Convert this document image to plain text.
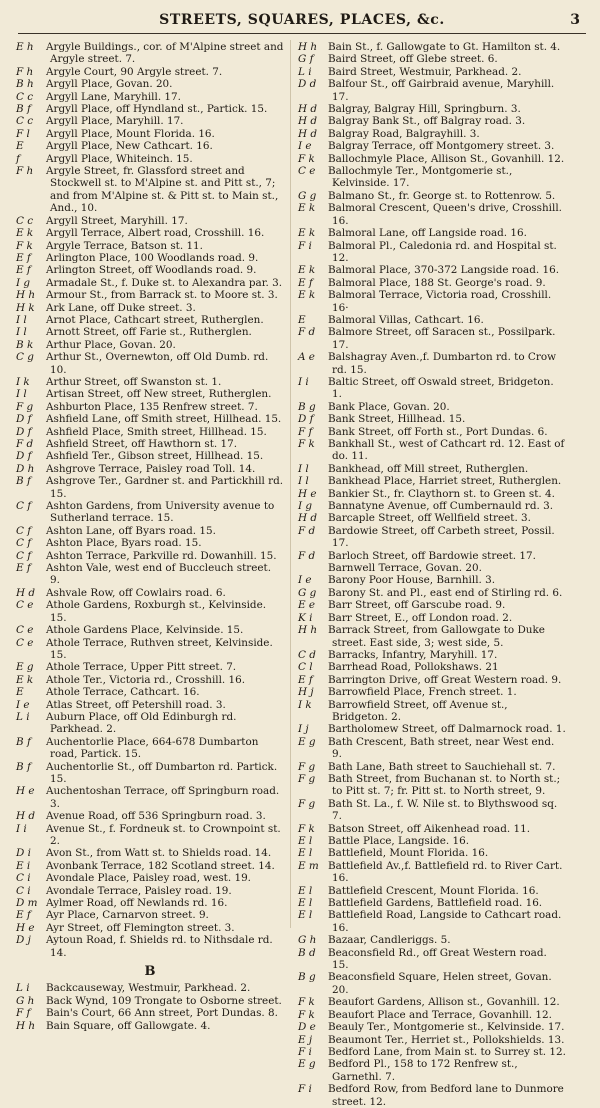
STREETS, SQUARES, PLACES, &c.	3
E h Argyle Buildings., cor. of M'Alpine street and Argyle street. 7.
F h Argyle Court, 90 Argyle street. 7.
B h Argyll Place, Govan. 20.
C c Argyll Lane, Maryhill. 17.
B f Argyll Place, off Hyndland st., Partick. 15.
C c Argyll Place, Maryhill. 17.
F l Argyll Place, Mount Florida. 16.
E Argyll Place, New Cathcart. 16.
f	Argyll Place, Whiteinch. 15.
F h Argyle Street, fr. Glassford street and Stockwell st. to M'Alpine st. and Pitt st., 7; and from M'Alpine st. & Pitt st. to Main st., And., 10.
C c Argyll Street, Maryhill. 17.
E k Argyll Terrace, Albert road, Crosshill. 16.
F k Argyle Terrace, Batson st. 11.
E f Arlington Place, 100 Woodlands road. 9.
E f Arlington Street, off Woodlands road. 9.
I g Armadale St., f. Duke st. to Alexandra par. 3.
H h Armour St., from Barrack st. to Moore st. 3.
H k Ark Lane, off Duke street. 3.
I l Arnot Place, Cathcart street, Rutherglen.
I l Arnott Street, off Farie st., Rutherglen.
B k Arthur Place, Govan. 20.
C g Arthur St., Overnewton, off Old Dumb. rd. 10.
I k Arthur Street, off Swanston st. 1.
I l Artisan Street, off New street, Rutherglen.
F g Ashburton Place, 135 Renfrew street. 7.
D f Ashfield Lane, off Smith street, Hillhead. 15.
D f Ashfield Place, Smith street, Hillhead. 15.
F d Ashfield Street, off Hawthorn st. 17.
D f Ashfield Ter., Gibson street, Hillhead. 15.
D h Ashgrove Terrace, Paisley road Toll. 14.
B f Ashgrove Ter., Gardner st. and Partickhill rd. 15.
C f Ashton Gardens, from University avenue to Sutherland terrace. 15.
C f Ashton Lane, off Byars road. 15.
C f Ashton Place, Byars road. 15.
C f Ashton Terrace, Parkville rd. Dowanhill. 15.
E f Ashton Vale, west end of Buccleuch street. 9.
H d Ashvale Row, off Cowlairs road. 6.
C e Athole Gardens, Roxburgh st., Kelvinside. 15.
C e Athole Gardens Place, Kelvinside. 15.
C e Athole Terrace, Ruthven street, Kelvinside. 15.
E g Athole Terrace, Upper Pitt street. 7.
E k Athole Ter., Victoria rd., Crosshill. 16.
E Athole Terrace, Cathcart. 16.
I e Atlas Street, off Petershill road. 3.
L i Auburn Place, off Old Edinburgh rd. Parkhead. 2.
B f Auchentorlie Place, 664-678 Dumbarton road, Partick. 15.
B f Auchentorlie St., off Dumbarton rd. Partick. 15.
H e Auchentoshan Terrace, off Springburn road. 3.
H d Avenue Road, off 536 Springburn road. 3.
I i Avenue St., f. Fordneuk st. to Crownpoint st. 2.
D i Avon St., from Watt st. to Shields road. 14.
E i Avonbank Terrace, 182 Scotland street. 14.
C i Avondale Place, Paisley road, west. 19.
C i Avondale Terrace, Paisley road. 19.
D m Aylmer Road, off Newlands rd. 16.
E f Ayr Place, Carnarvon street. 9.
H e Ayr Street, off Flemington street. 3.
D j Aytoun Road, f. Shields rd. to Nithsdale rd. 14.
B
L i Backcauseway, Westmuir, Parkhead. 2.
G h Back Wynd, 109 Trongate to Osborne street.
F f Bain's Court, 66 Ann street, Port Dundas. 8.
H h Bain Square, off Gallowgate. 4.
H h Bain St., f. Gallowgate to Gt. Hamilton st. 4.
G f Baird Street, off Glebe street. 6.
L i Baird Street, Westmuir, Parkhead. 2.
D d Balfour St., off Gairbraid avenue, Maryhill. 17.
H d Balgray, Balgray Hill, Springburn. 3.
H d Balgray Bank St., off Balgray road. 3.
H d Balgray Road, Balgrayhill. 3.
I e Balgray Terrace, off Montgomery street. 3.
F k Ballochmyle Place, Allison St., Govanhill. 12.
C e Ballochmyle Ter., Montgomerie st., Kelvinside. 17.
G g Balmano St., fr. George st. to Rottenrow. 5.
E k Balmoral Crescent, Queen's drive, Crosshill. 16.
E k Balmoral Lane, off Langside road. 16.
F i Balmoral Pl., Caledonia rd. and Hospital st. 12.
E k Balmoral Place, 370-372 Langside road. 16.
E f Balmoral Place, 188 St. George's road. 9.
E k Balmoral Terrace, Victoria road, Crosshill. 16·
E Balmoral Villas, Cathcart. 16.
F d Balmore Street, off Saracen st., Possilpark. 17.
A e Balshagray Aven.,f. Dumbarton rd. to Crow rd. 15.
I i Baltic Street, off Oswald street, Bridgeton. 1.
B g Bank Place, Govan. 20.
D f Bank Street, Hillhead. 15.
F f Bank Street, off Forth st., Port Dundas. 6.
F k Bankhall St., west of Cathcart rd. 12. East of do. 11.
I l Bankhead, off Mill street, Rutherglen.
I l Bankhead Place, Harriet street, Rutherglen.
H e Bankier St., fr. Claythorn st. to Green st. 4.
I g Bannatyne Avenue, off Cumbernauld rd. 3.
H d Barcaple Street, off Wellfield street. 3.
F d Bardowie Street, off Carbeth street, Possil. 17.
F d Barloch Street, off Bardowie street. 17.
Barnwell Terrace, Govan. 20.
I e Barony Poor House, Barnhill. 3.
G g Barony St. and Pl., east end of Stirling rd. 6.
E e Barr Street, off Garscube road. 9.
K i Barr Street, E., off London road. 2.
H h Barrack Street, from Gallowgate to Duke street. East side, 3; west side, 5.
C d Barracks, Infantry, Maryhill. 17.
C l Barrhead Road, Pollokshaws. 21
E f Barrington Drive, off Great Western road. 9.
H j Barrowfield Place, French street. 1.
I k Barrowfield Street, off Avenue st., Bridgeton. 2.
I j Bartholomew Street, off Dalmarnock road. 1.
E g Bath Crescent, Bath street, near West end. 9.
F g Bath Lane, Bath street to Sauchiehall st. 7.
F g Bath Street, from Buchanan st. to North st.; to Pitt st. 7; fr. Pitt st. to North street, 9.
F g Bath St. La., f. W. Nile st. to Blythswood sq. 7.
F k Batson Street, off Aikenhead road. 11.
E l Battle Place, Langside. 16.
E l Battlefield, Mount Florida. 16.
E m Battlefield Av.,f. Battlefield rd. to River Cart. 16.
E l Battlefield Crescent, Mount Florida. 16.
E l Battlefield Gardens, Battlefield road. 16.
E l Battlefield Road, Langside to Cathcart road. 16.
G h Bazaar, Candleriggs. 5.
B d Beaconsfield Rd., off Great Western road. 15.
B g Beaconsfield Square, Helen street, Govan. 20.
F k Beaufort Gardens, Allison st., Govanhill. 12.
F k Beaufort Place and Terrace, Govanhill. 12.
D e Beauly Ter., Montgomerie st., Kelvinside. 17.
E j Beaumont Ter., Herriet st., Pollokshields. 13.
F i Bedford Lane, from Main st. to Surrey st. 12.
E g Bedford Pl., 158 to 172 Renfrew st., Garnethl. 7.
F i Bedford Row, from Bedford lane to Dunmore street. 12.
